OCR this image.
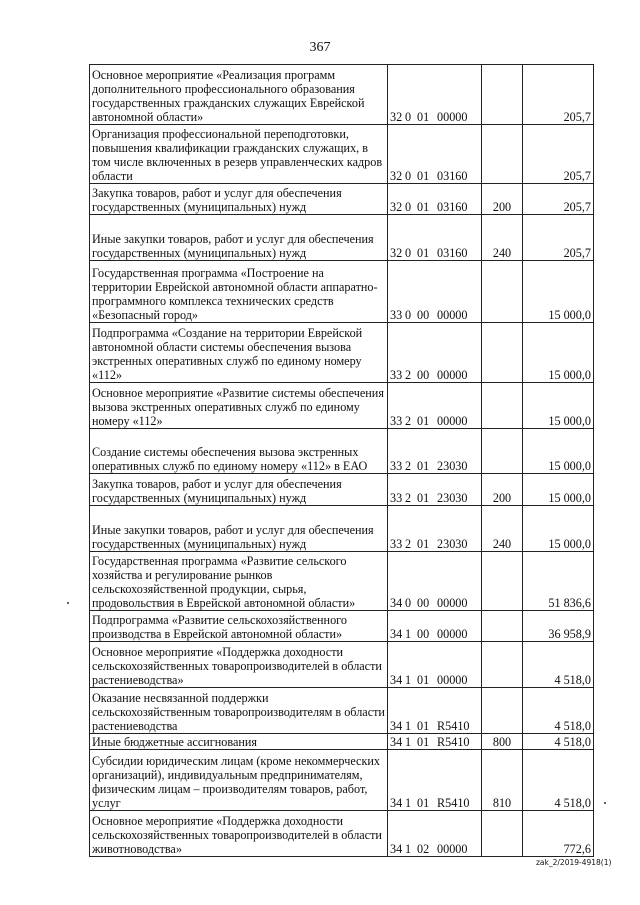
367
Основное мероприятие «Реализация программ дополнительного профессионального образования государственных гражданских служащих Еврейской автономной области»	32 0 01 00000		205,7
Организация профессиональной переподготовки, повышения квалификации гражданских служащих, в том числе включенных в резерв управленческих кадров области	32 0 01 03160		205,7
Закупка товаров, работ и услуг для обеспечения государственных (муниципальных) нужд	32 0 01 03160	200	205,7
Иные закупки товаров, работ и услуг для обеспечения государственных (муниципальных) нужд	32 0 01 03160	240	205,7
Государственная программа «Построение на территории Еврейской автономной области аппаратно-программного комплекса технических средств «Безопасный город»	33 0 00 00000		15 000,0
Подпрограмма «Создание на территории Еврейской автономной области системы обеспечения вызова экстренных оперативных служб по единому номеру «112»	33 2 00 00000		15 000,0
Основное мероприятие «Развитие системы обеспечения вызова экстренных оперативных служб по единому номеру «112»	33 2 01 00000		15 000,0
Создание системы обеспечения вызова экстренных оперативных служб по единому номеру «112» в ЕАО	33 2 01 23030		15 000,0
Закупка товаров, работ и услуг для обеспечения государственных (муниципальных) нужд	33 2 01 23030	200	15 000,0
Иные закупки товаров, работ и услуг для обеспечения государственных (муниципальных) нужд	33 2 01 23030	240	15 000,0
Государственная программа «Развитие сельского хозяйства и регулирование рынков сельскохозяйственной продукции, сырья, продовольствия в Еврейской автономной области»	34 0 00 00000		51 836,6
Подпрограмма «Развитие сельскохозяйственного производства в Еврейской автономной области»	34 1 00 00000		36 958,9
Основное мероприятие «Поддержка доходности сельскохозяйственных товаропроизводителей в области растениеводства»	34 1 01 00000		4 518,0
Оказание несвязанной поддержки сельскохозяйственным товаропроизводителям в области растениеводства	34 1 01 R5410		4 518,0
Иные бюджетные ассигнования	34 1 01 R5410	800	4 518,0
Субсидии юридическим лицам (кроме некоммерческих организаций), индивидуальным предпринимателям, физическим лицам – производителям товаров, работ, услуг	34 1 01 R5410	810	4 518,0
Основное мероприятие «Поддержка доходности сельскохозяйственных товаропроизводителей в области животноводства»	34 1 02 00000		772,6
zak_2/2019-4918(1)
